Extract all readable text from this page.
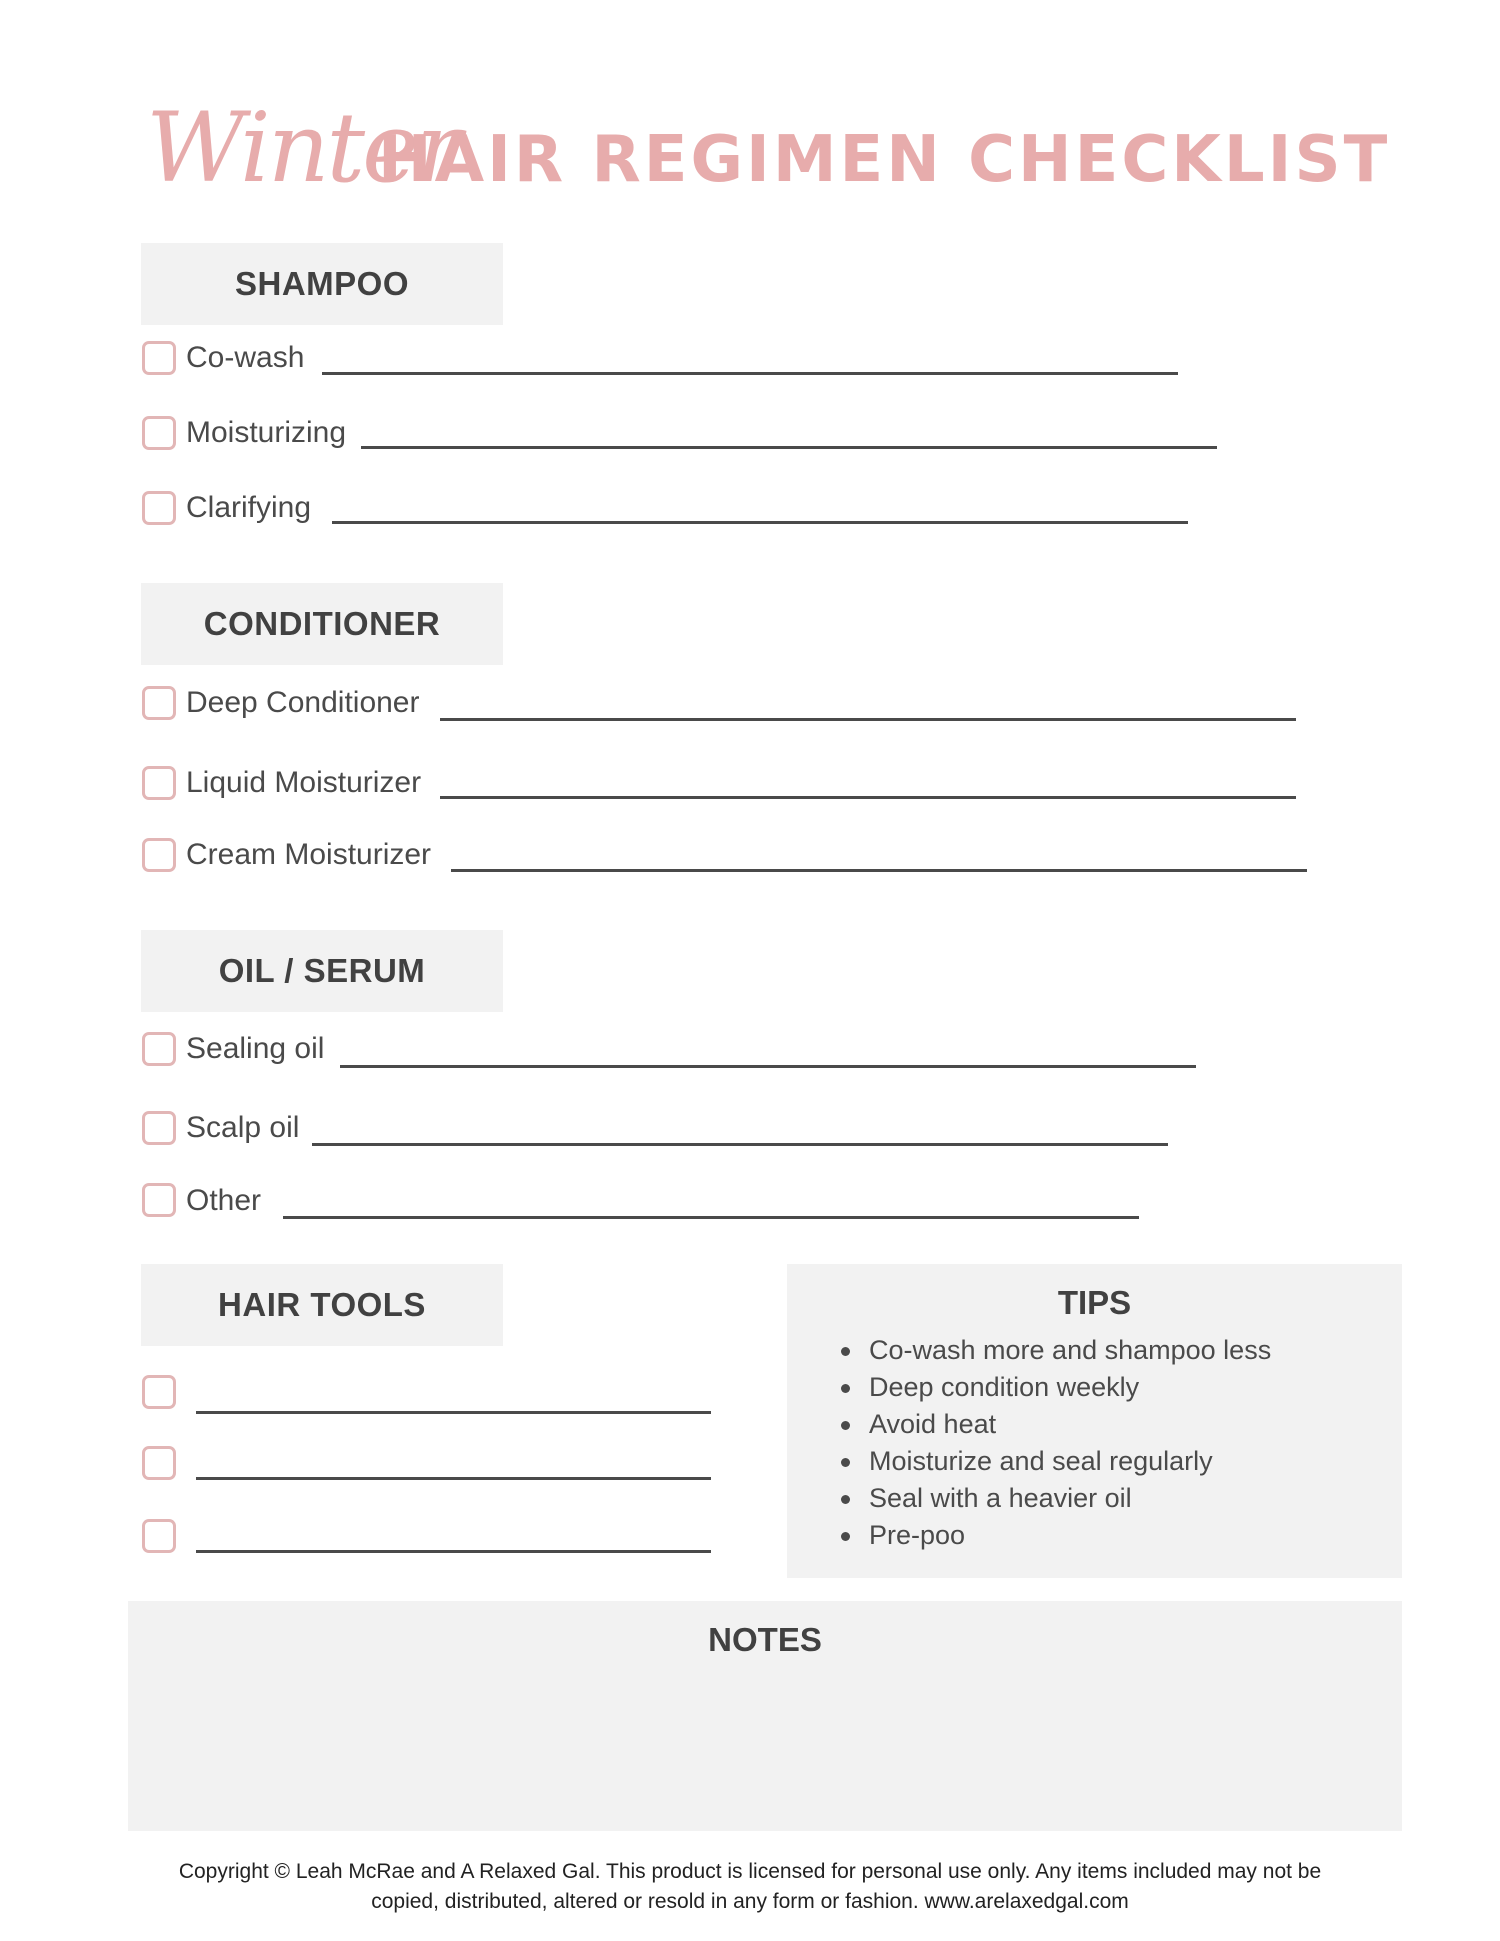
Winter
HAIR REGIMEN CHECKLIST
SHAMPOO
Co-wash
Moisturizing
Clarifying
CONDITIONER
Deep Conditioner
Liquid Moisturizer
Cream Moisturizer
OIL / SERUM
Sealing oil
Scalp oil
Other
HAIR TOOLS	TIPS
Co-wash more and shampoo less
Deep condition weekly
Avoid heat
Moisturize and seal regularly
Seal with a heavier oil
Pre-poo
NOTES
Copyright © Leah McRae and A Relaxed Gal. This product is licensed for personal use only. Any items included may not be
copied, distributed, altered or resold in any form or fashion. www.arelaxedgal.com
